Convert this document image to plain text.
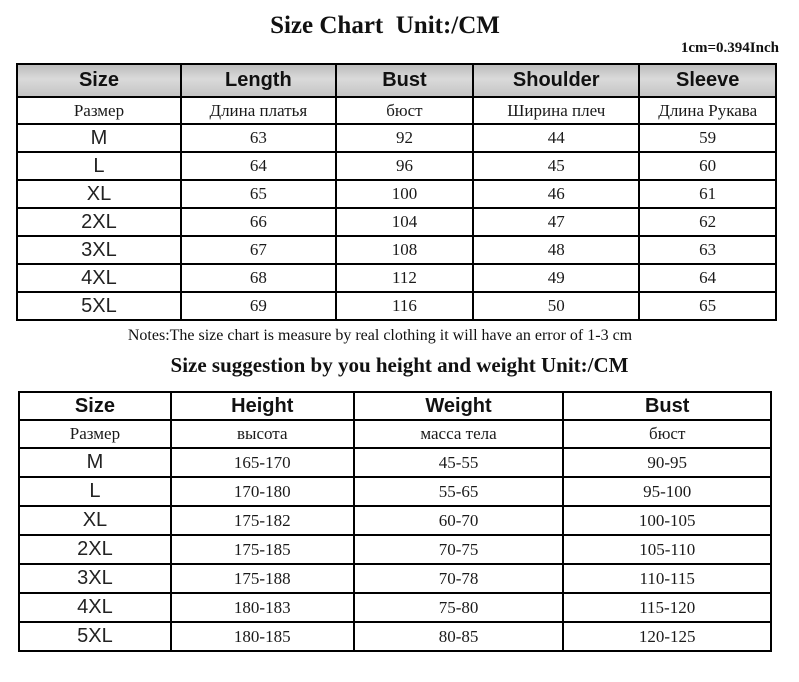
Size Chart  Unit:/CM
1cm=0.394Inch
Size	Length	Bust	Shoulder	Sleeve
Размер	Длина платья	бюст	Ширина плеч	Длина Рукава
M	63	92	44	59
L	64	96	45	60
XL	65	100	46	61
2XL	66	104	47	62
3XL	67	108	48	63
4XL	68	112	49	64
5XL	69	116	50	65
Notes:The size chart is measure by real clothing it will have an error of 1-3 cm
Size suggestion by you height and weight Unit:/CM
Size	Height	Weight	Bust
Размер	высота	масса тела	бюст
M	165-170	45-55	90-95
L	170-180	55-65	95-100
XL	175-182	60-70	100-105
2XL	175-185	70-75	105-110
3XL	175-188	70-78	110-115
4XL	180-183	75-80	115-120
5XL	180-185	80-85	120-125
